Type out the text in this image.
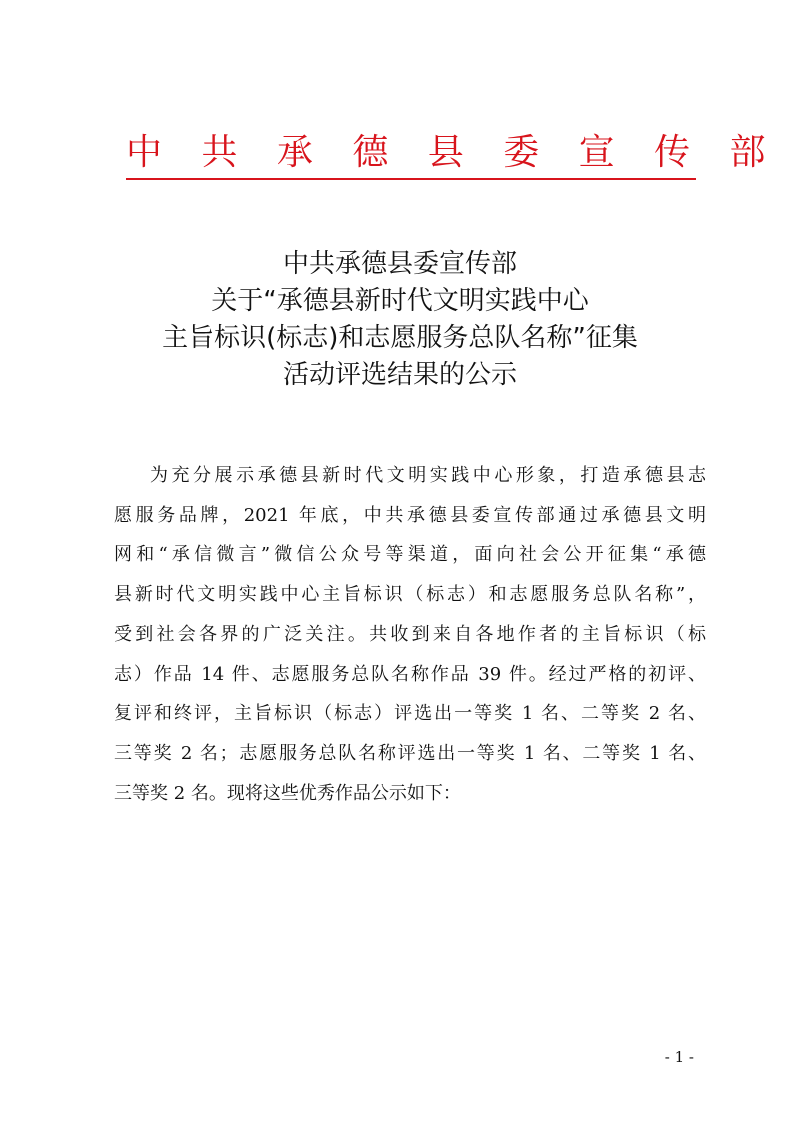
中 共 承 德 县 委 宣 传 部
中共承德县委宣传部
关于“承德县新时代文明实践中心
主旨标识(标志)和志愿服务总队名称”征集
活动评选结果的公示
为充分展示承德县新时代文明实践中心形象，打造承德县志
愿服务品牌，2021 年底，中共承德县委宣传部通过承德县文明
网和“承信微言”微信公众号等渠道，面向社会公开征集“承德
县新时代文明实践中心主旨标识（标志）和志愿服务总队名称”，
受到社会各界的广泛关注。共收到来自各地作者的主旨标识（标
志）作品 14 件、志愿服务总队名称作品 39 件。经过严格的初评、
复评和终评，主旨标识（标志）评选出一等奖 1 名、二等奖 2 名、
三等奖 2 名；志愿服务总队名称评选出一等奖 1 名、二等奖 1 名、
三等奖 2 名。现将这些优秀作品公示如下：
- 1 -
